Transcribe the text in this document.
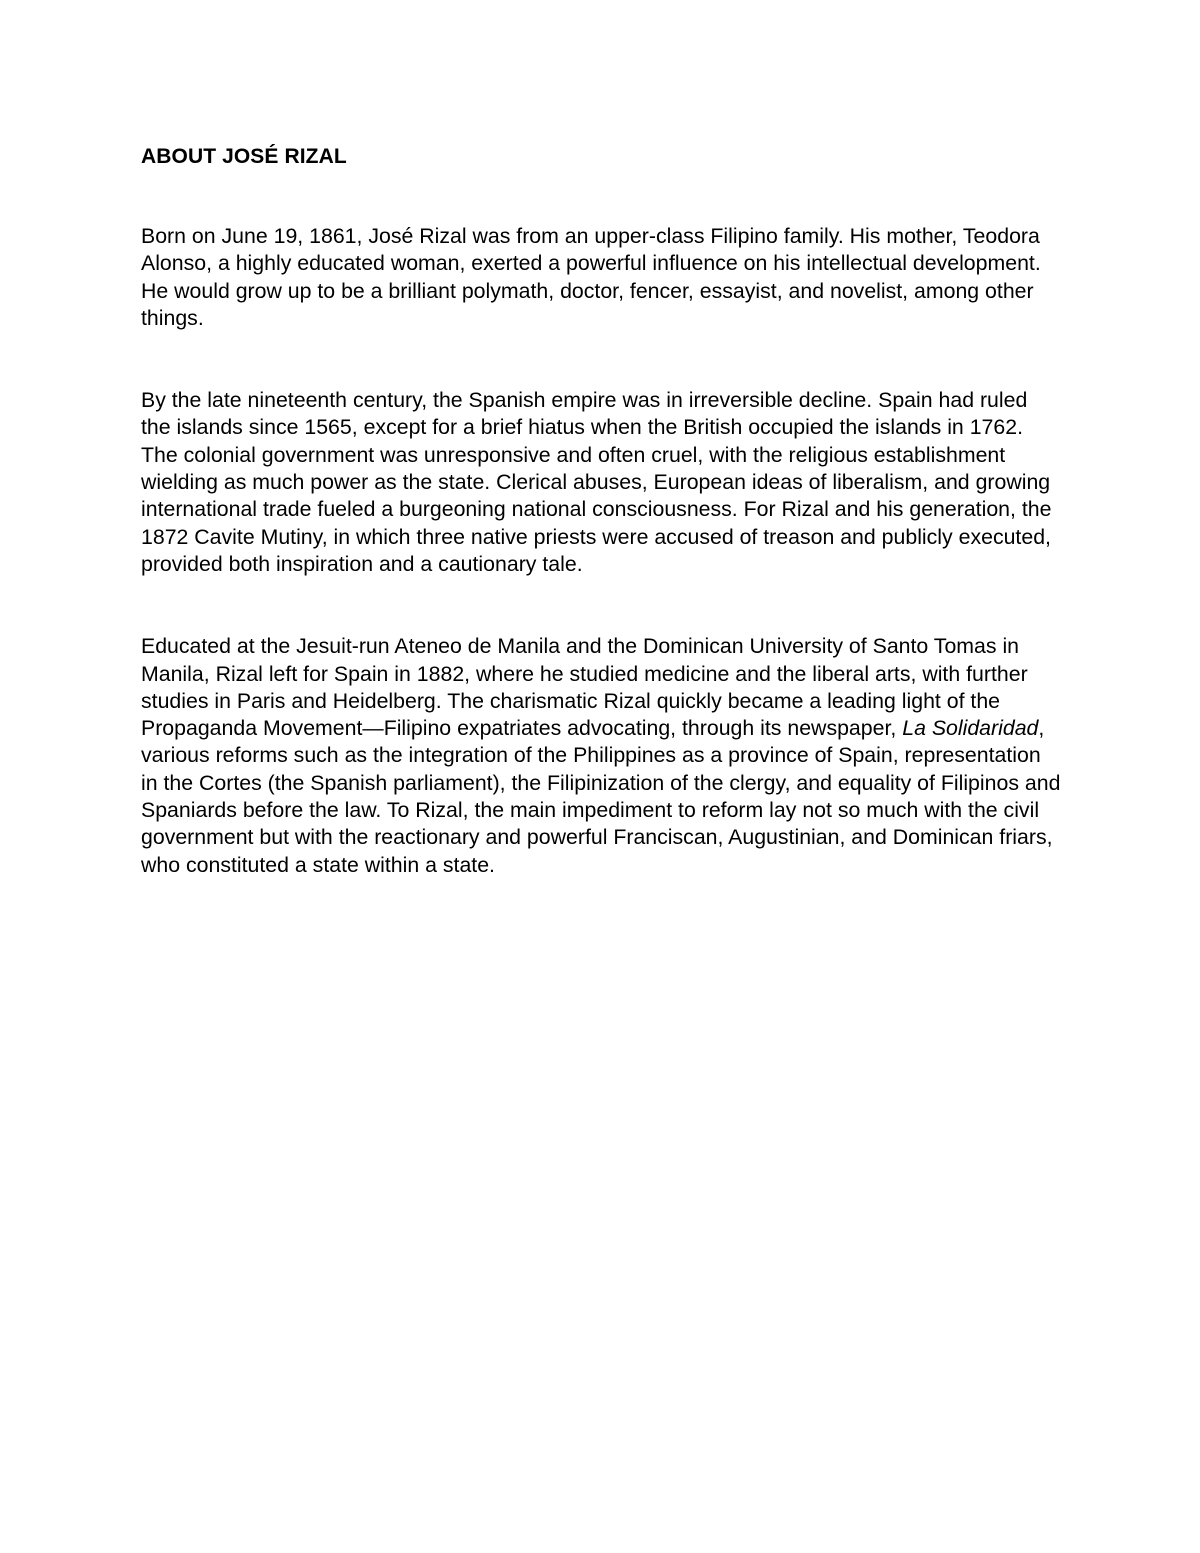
ABOUT JOSÉ RIZAL

Born on June 19, 1861, José Rizal was from an upper-class Filipino family. His mother, Teodora Alonso, a highly educated woman, exerted a powerful influence on his intellectual development. He would grow up to be a brilliant polymath, doctor, fencer, essayist, and novelist, among other things.

By the late nineteenth century, the Spanish empire was in irreversible decline. Spain had ruled the islands since 1565, except for a brief hiatus when the British occupied the islands in 1762. The colonial government was unresponsive and often cruel, with the religious establishment wielding as much power as the state. Clerical abuses, European ideas of liberalism, and growing international trade fueled a burgeoning national consciousness. For Rizal and his generation, the 1872 Cavite Mutiny, in which three native priests were accused of treason and publicly executed, provided both inspiration and a cautionary tale.

Educated at the Jesuit-run Ateneo de Manila and the Dominican University of Santo Tomas in Manila, Rizal left for Spain in 1882, where he studied medicine and the liberal arts, with further studies in Paris and Heidelberg. The charismatic Rizal quickly became a leading light of the Propaganda Movement—Filipino expatriates advocating, through its newspaper, La Solidaridad, various reforms such as the integration of the Philippines as a province of Spain, representation in the Cortes (the Spanish parliament), the Filipinization of the clergy, and equality of Filipinos and Spaniards before the law. To Rizal, the main impediment to reform lay not so much with the civil government but with the reactionary and powerful Franciscan, Augustinian, and Dominican friars, who constituted a state within a state.
